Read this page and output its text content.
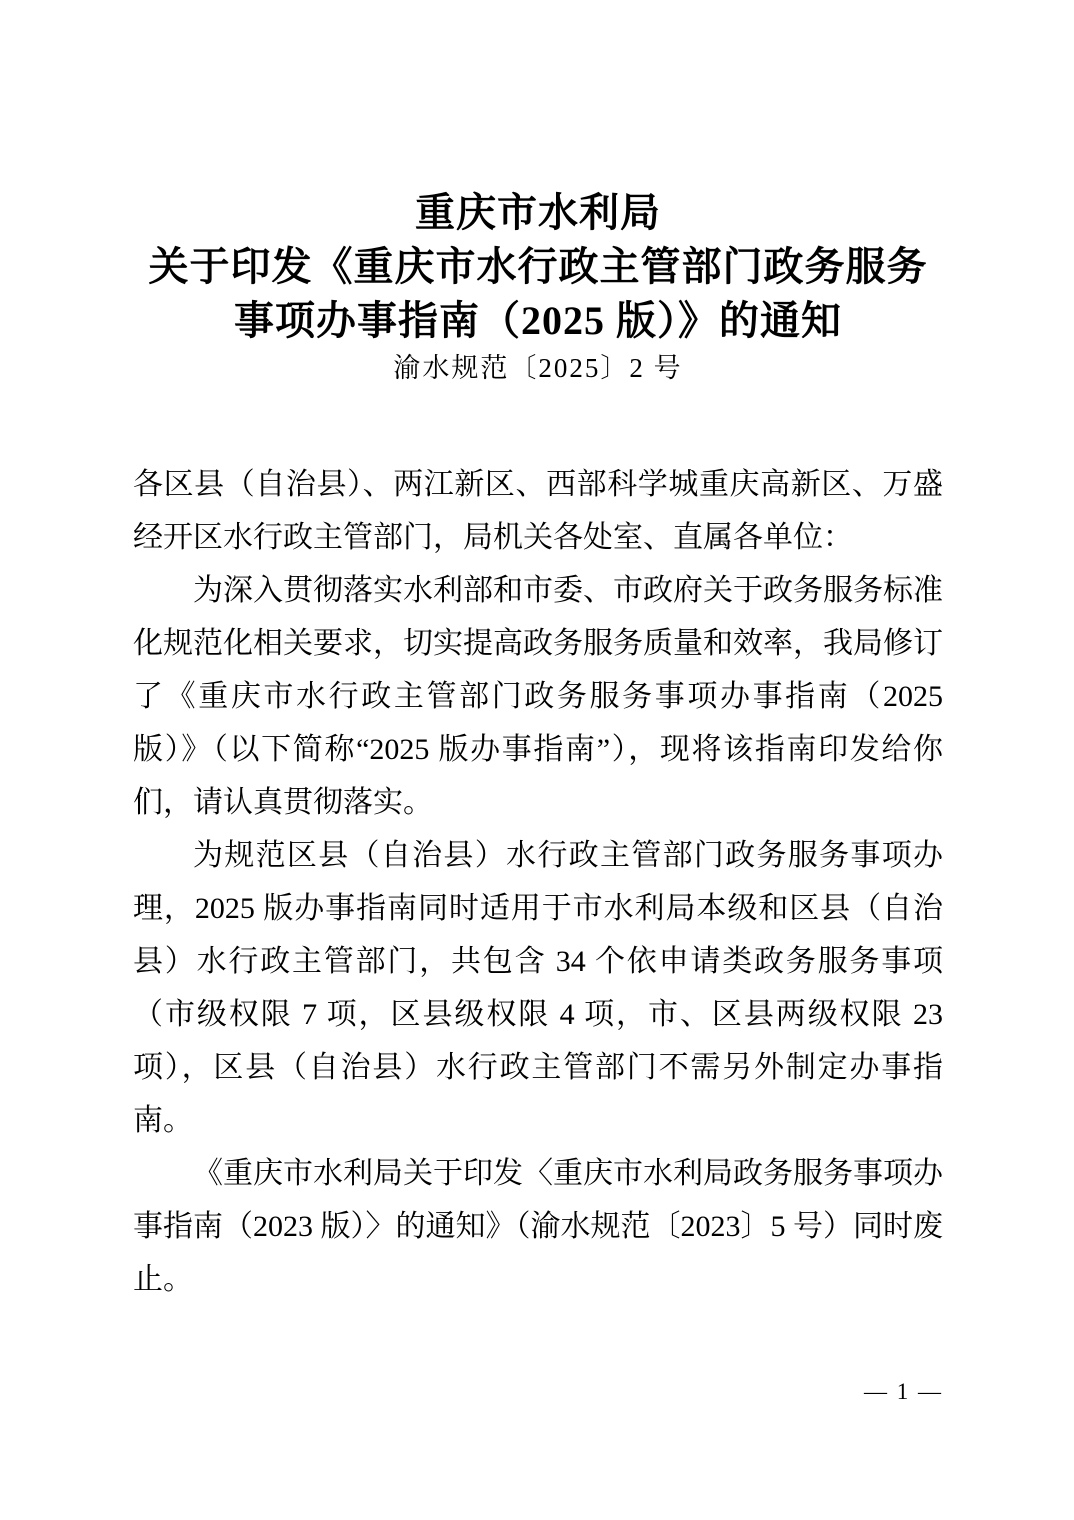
重庆市水利局
关于印发《重庆市水行政主管部门政务服务
事项办事指南（2025 版）》的通知
渝水规范〔2025〕2 号

各区县（自治县）、两江新区、西部科学城重庆高新区、万盛经开区水行政主管部门，局机关各处室、直属各单位：

为深入贯彻落实水利部和市委、市政府关于政务服务标准化规范化相关要求，切实提高政务服务质量和效率，我局修订了《重庆市水行政主管部门政务服务事项办事指南（2025 版）》（以下简称“2025 版办事指南”），现将该指南印发给你们，请认真贯彻落实。

为规范区县（自治县）水行政主管部门政务服务事项办理，2025 版办事指南同时适用于市水利局本级和区县（自治县）水行政主管部门，共包含 34 个依申请类政务服务事项（市级权限 7 项，区县级权限 4 项，市、区县两级权限 23 项），区县（自治县）水行政主管部门不需另外制定办事指南。

《重庆市水利局关于印发〈重庆市水利局政务服务事项办事指南（2023 版）〉的通知》（渝水规范〔2023〕5 号）同时废止。

— 1 —
